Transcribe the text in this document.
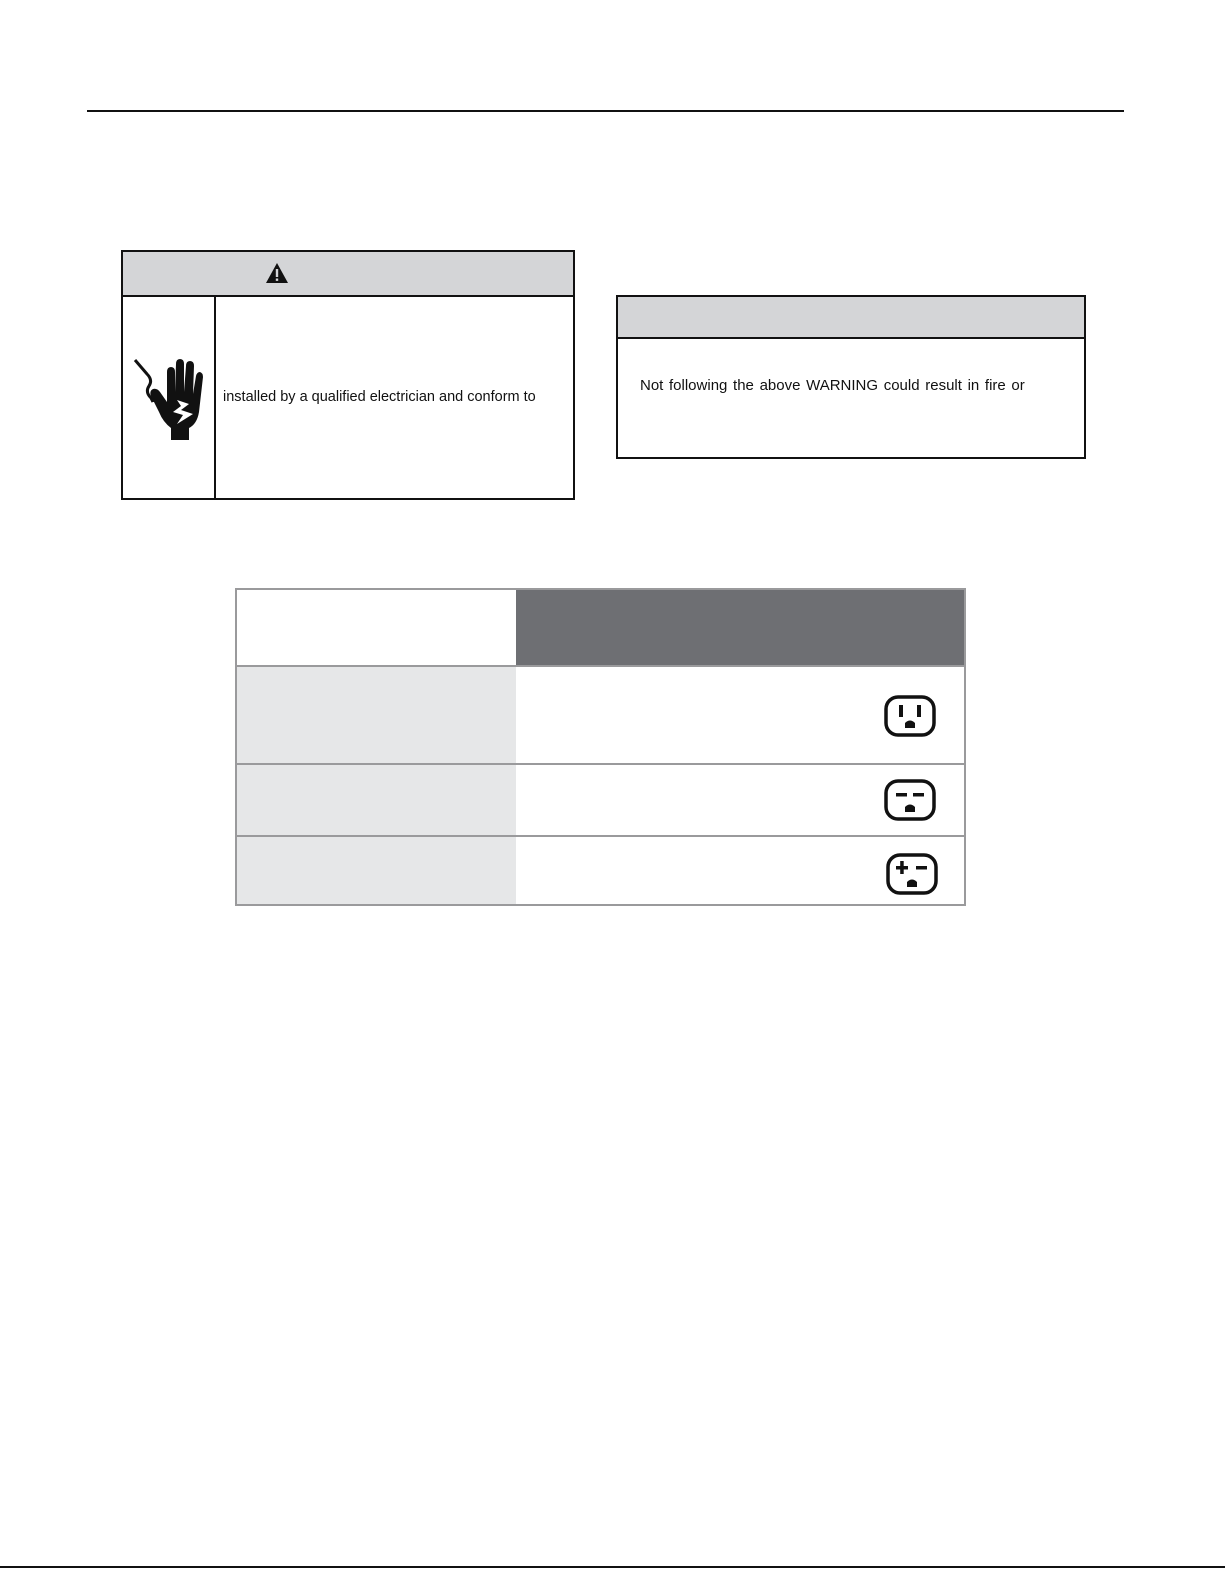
installed by a qualified electrician and conform to
Not following the above WARNING could result in fire or
